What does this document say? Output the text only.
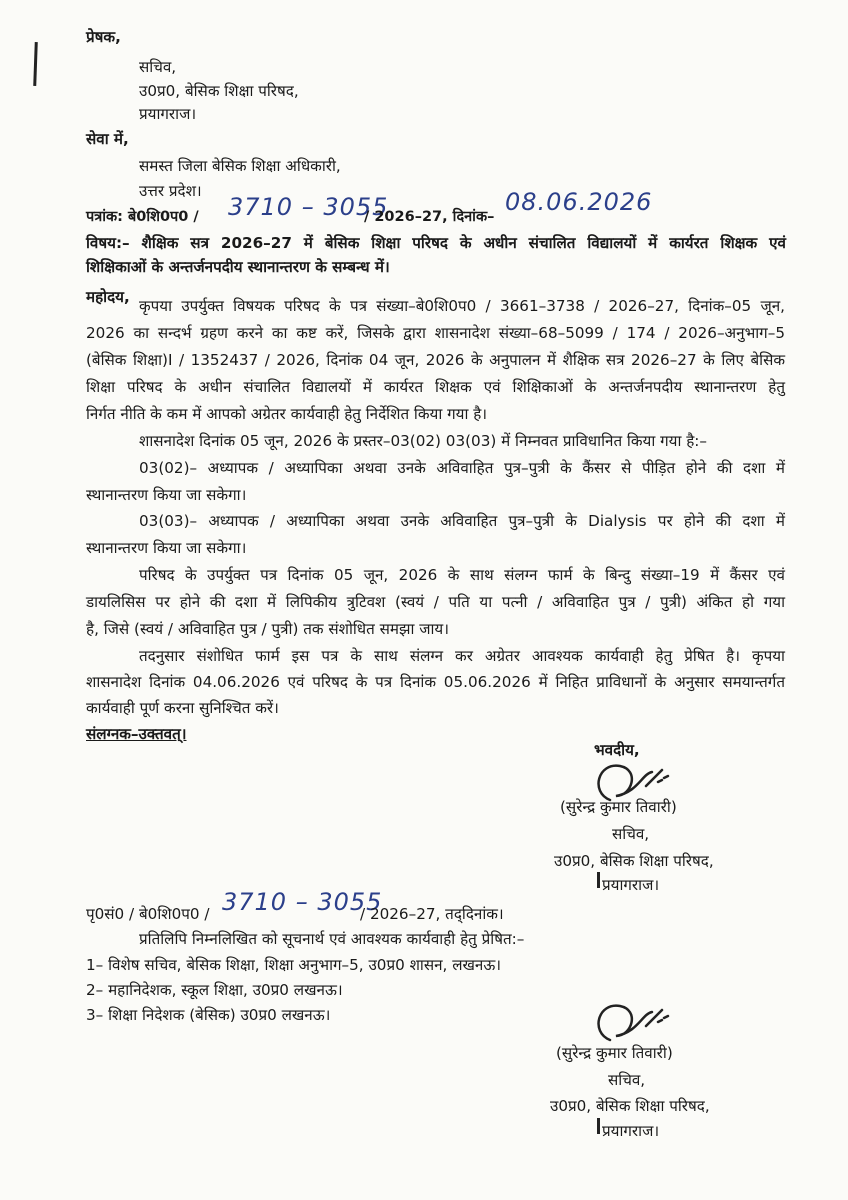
प्रेषक,
सचिव,
उ0प्र0, बेसिक शिक्षा परिषद,
प्रयागराज।
सेवा में,
समस्त जिला बेसिक शिक्षा अधिकारी,
उत्तर प्रदेश।
पत्रांक: बे0शि0प0 / 3710 – 3055
/ 2026–27, दिनांक–
08.06.2026
विषय:– शैक्षिक सत्र 2026–27 में बेसिक शिक्षा परिषद के अधीन संचालित विद्यालयों में कार्यरत शिक्षक एवं
शिक्षिकाओं के अन्तर्जनपदीय स्थानान्तरण के सम्बन्ध में।
महोदय, कृपया उपर्युक्त विषयक परिषद के पत्र संख्या–बे0शि0प0 / 3661–3738 / 2026–27, दिनांक–05 जून,
2026 का सन्दर्भ ग्रहण करने का कष्ट करें, जिसके द्वारा शासनादेश संख्या–68–5099 / 174 / 2026–अनुभाग–5
(बेसिक शिक्षा)I / 1352437 / 2026, दिनांक 04 जून, 2026 के अनुपालन में शैक्षिक सत्र 2026–27 के लिए बेसिक
शिक्षा परिषद के अधीन संचालित विद्यालयों में कार्यरत शिक्षक एवं शिक्षिकाओं के अन्तर्जनपदीय स्थानान्तरण हेतु
निर्गत नीति के कम में आपको अग्रेतर कार्यवाही हेतु निर्देशित किया गया है।
शासनादेश दिनांक 05 जून, 2026 के प्रस्तर–03(02) 03(03) में निम्नवत प्राविधानित किया गया है:–
03(02)– अध्यापक / अध्यापिका अथवा उनके अविवाहित पुत्र–पुत्री के कैंसर से पीड़ित होने की दशा में
स्थानान्तरण किया जा सकेगा।
03(03)– अध्यापक / अध्यापिका अथवा उनके अविवाहित पुत्र–पुत्री के Dialysis पर होने की दशा में
स्थानान्तरण किया जा सकेगा।
परिषद के उपर्युक्त पत्र दिनांक 05 जून, 2026 के साथ संलग्न फार्म के बिन्दु संख्या–19 में कैंसर एवं
डायलिसिस पर होने की दशा में लिपिकीय त्रुटिवश (स्वयं / पति या पत्नी / अविवाहित पुत्र / पुत्री) अंकित हो गया
है, जिसे (स्वयं / अविवाहित पुत्र / पुत्री) तक संशोधित समझा जाय।
तदनुसार संशोधित फार्म इस पत्र के साथ संलग्न कर अग्रेतर आवश्यक कार्यवाही हेतु प्रेषित है। कृपया
शासनादेश दिनांक 04.06.2026 एवं परिषद के पत्र दिनांक 05.06.2026 में निहित प्राविधानों के अनुसार समयान्तर्गत
कार्यवाही पूर्ण करना सुनिश्चित करें।
संलग्नक–उक्तवत्।
भवदीय,
(सुरेन्द्र कुमार तिवारी)
सचिव,
उ0प्र0, बेसिक शिक्षा परिषद,
प्रयागराज।
पृ0सं0 / बे0शि0प0 / 3710 – 3055
/ 2026–27, तद्‌दिनांक।
प्रतिलिपि निम्नलिखित को सूचनार्थ एवं आवश्यक कार्यवाही हेतु प्रेषित:–
1– विशेष सचिव, बेसिक शिक्षा, शिक्षा अनुभाग–5, उ0प्र0 शासन, लखनऊ।
2– महानिदेशक, स्कूल शिक्षा, उ0प्र0 लखनऊ।
3– शिक्षा निदेशक (बेसिक) उ0प्र0 लखनऊ।
(सुरेन्द्र कुमार तिवारी)
सचिव,
उ0प्र0, बेसिक शिक्षा परिषद,
प्रयागराज।
